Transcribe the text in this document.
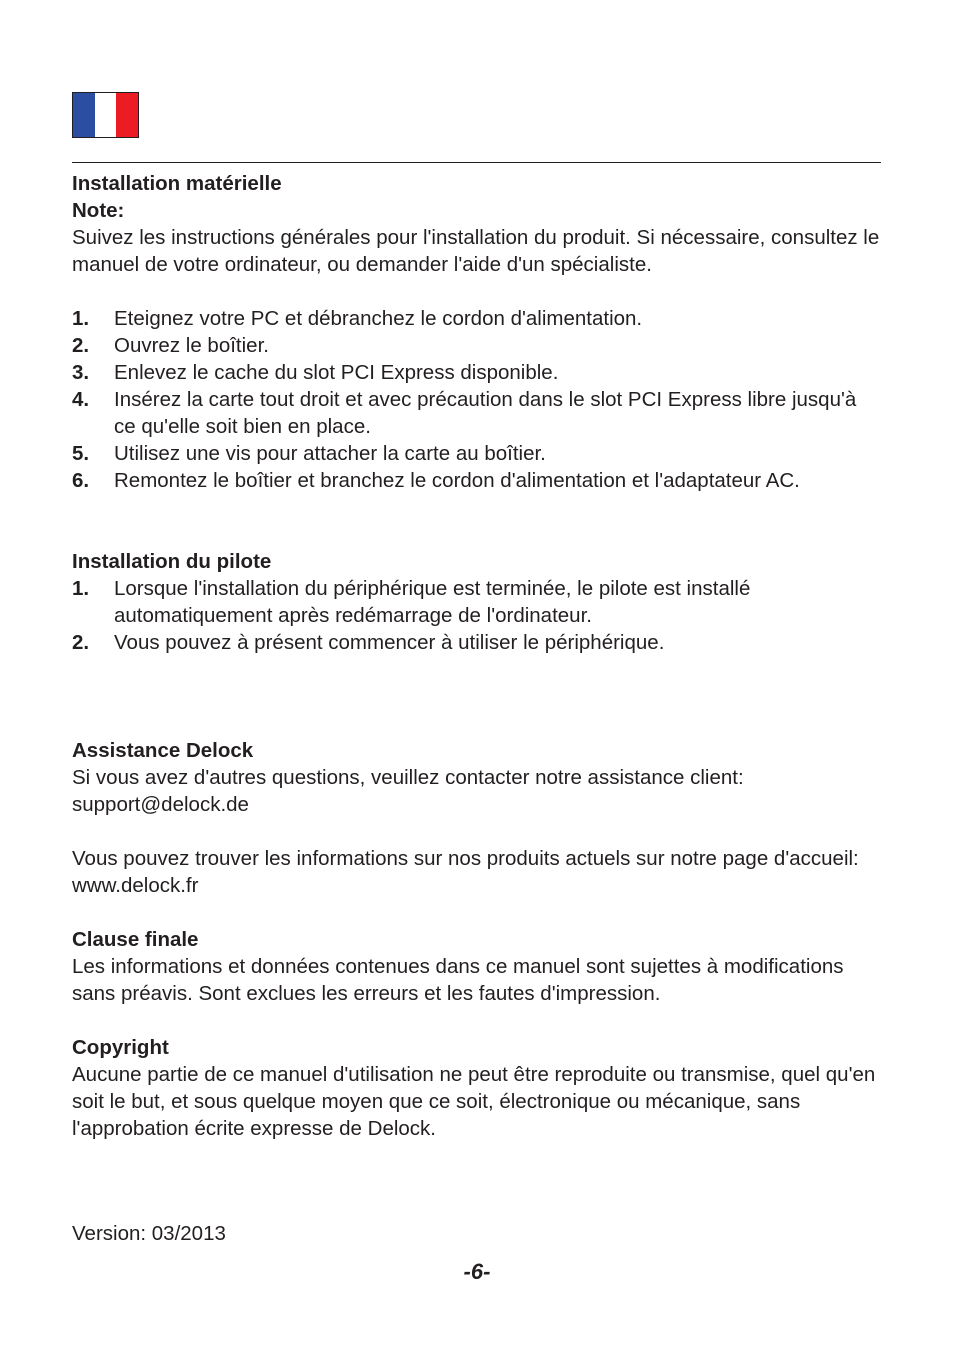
Installation matérielle
Note:

Suivez les instructions générales pour l'installation du produit. Si nécessaire, consultez le manuel de votre ordinateur, ou demander l'aide d'un spécialiste.

1. Eteignez votre PC et débranchez le cordon d'alimentation.
2. Ouvrez le boîtier.
3. Enlevez le cache du slot PCI Express disponible.
4. Insérez la carte tout droit et avec précaution dans le slot PCI Express libre jusqu'à ce qu'elle soit bien en place.
5. Utilisez une vis pour attacher la carte au boîtier.
6. Remontez le boîtier et branchez le cordon d'alimentation et l'adaptateur AC.
Installation du pilote
1. Lorsque l'installation du périphérique est terminée, le pilote est installé automatiquement après redémarrage de l'ordinateur.
2. Vous pouvez à présent commencer à utiliser le périphérique.
Assistance Delock
Si vous avez d'autres questions, veuillez contacter notre assistance client:
support@delock.de

Vous pouvez trouver les informations sur nos produits actuels sur notre page d'accueil: www.delock.fr

Clause finale

Les informations et données contenues dans ce manuel sont sujettes à modifications sans préavis. Sont exclues les erreurs et les fautes d'impression.

Copyright

Aucune partie de ce manuel d'utilisation ne peut être reproduite ou transmise, quel qu'en soit le but, et sous quelque moyen que ce soit, électronique ou mécanique, sans l'approbation écrite expresse de Delock.

Version: 03/2013
-6-
